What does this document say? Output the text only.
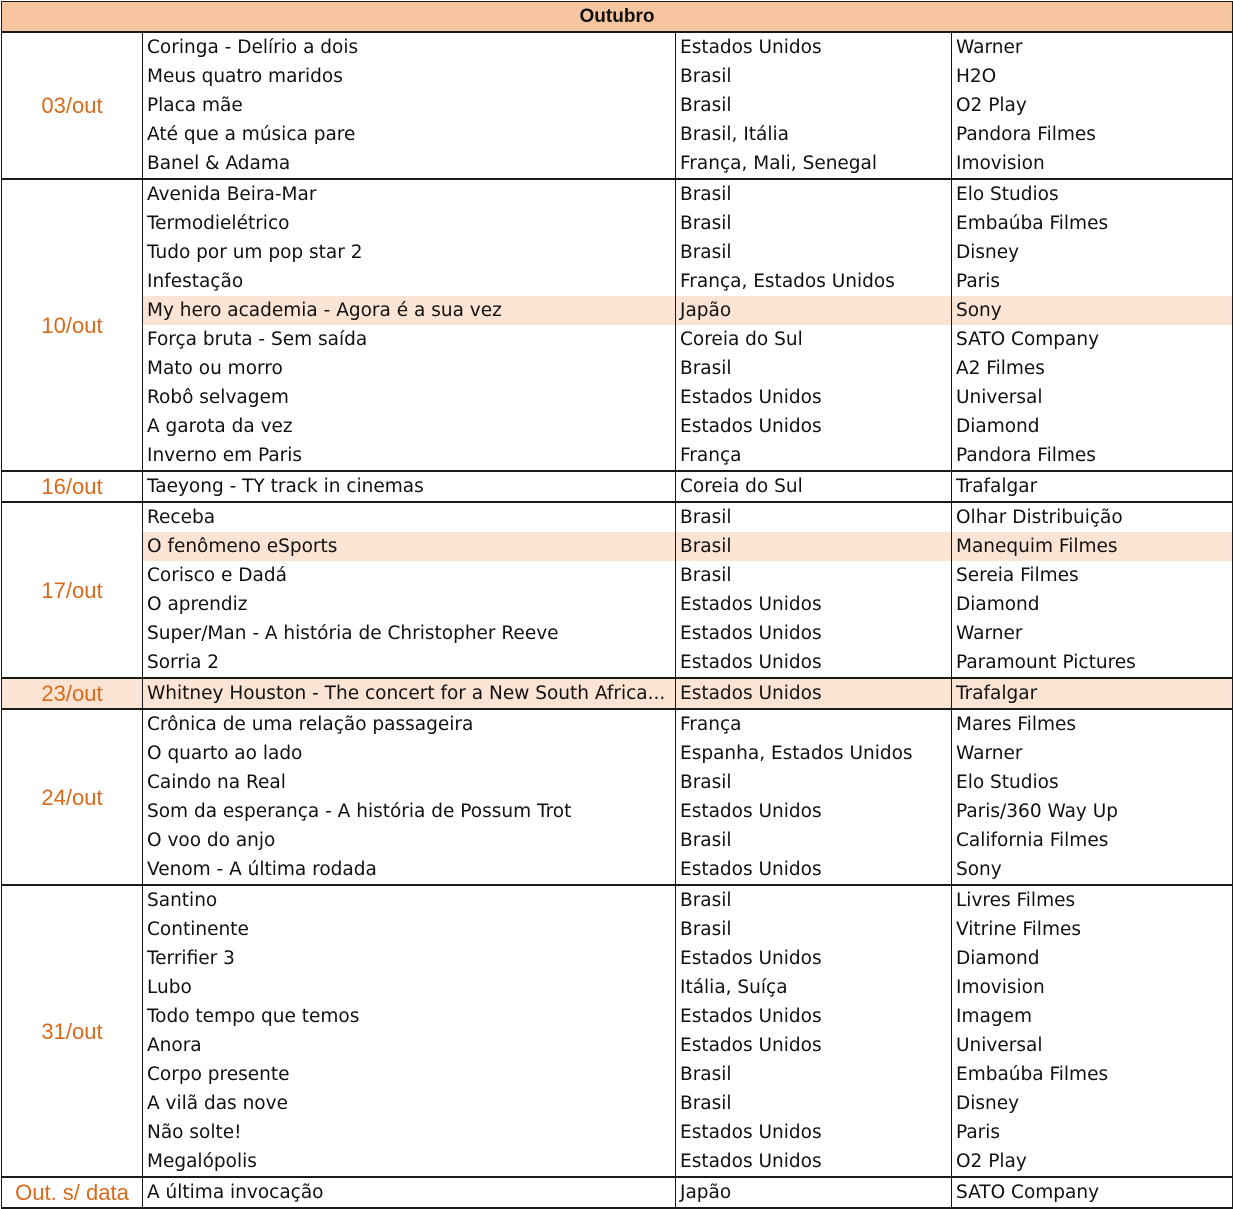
Outubro			
03/out	Coringa - Delírio a dois	Estados Unidos	Warner
	Meus quatro maridos	Brasil	H2O
	Placa mãe	Brasil	O2 Play
	Até que a música pare	Brasil, Itália	Pandora Filmes
	Banel & Adama	França, Mali, Senegal	Imovision
10/out	Avenida Beira-Mar	Brasil	Elo Studios
	Termodielétrico	Brasil	Embaúba Filmes
	Tudo por um pop star 2	Brasil	Disney
	Infestação	França, Estados Unidos	Paris
	My hero academia - Agora é a sua vez	Japão	Sony
	Força bruta - Sem saída	Coreia do Sul	SATO Company
	Mato ou morro	Brasil	A2 Filmes
	Robô selvagem	Estados Unidos	Universal
	A garota da vez	Estados Unidos	Diamond
	Inverno em Paris	França	Pandora Filmes
16/out	Taeyong - TY track in cinemas	Coreia do Sul	Trafalgar
17/out	Receba	Brasil	Olhar Distribuição
	O fenômeno eSports	Brasil	Manequim Filmes
	Corisco e Dadá	Brasil	Sereia Filmes
	O aprendiz	Estados Unidos	Diamond
	Super/Man - A história de Christopher Reeve	Estados Unidos	Warner
	Sorria 2	Estados Unidos	Paramount Pictures
23/out	Whitney Houston - The concert for a New South Africa...	Estados Unidos	Trafalgar
24/out	Crônica de uma relação passageira	França	Mares Filmes
	O quarto ao lado	Espanha, Estados Unidos	Warner
	Caindo na Real	Brasil	Elo Studios
	Som da esperança - A história de Possum Trot	Estados Unidos	Paris/360 Way Up
	O voo do anjo	Brasil	California Filmes
	Venom - A última rodada	Estados Unidos	Sony
31/out	Santino	Brasil	Livres Filmes
	Continente	Brasil	Vitrine Filmes
	Terrifier 3	Estados Unidos	Diamond
	Lubo	Itália, Suíça	Imovision
	Todo tempo que temos	Estados Unidos	Imagem
	Anora	Estados Unidos	Universal
	Corpo presente	Brasil	Embaúba Filmes
	A vilã das nove	Brasil	Disney
	Não solte!	Estados Unidos	Paris
	Megalópolis	Estados Unidos	O2 Play
Out. s/ data	A última invocação	Japão	SATO Company
